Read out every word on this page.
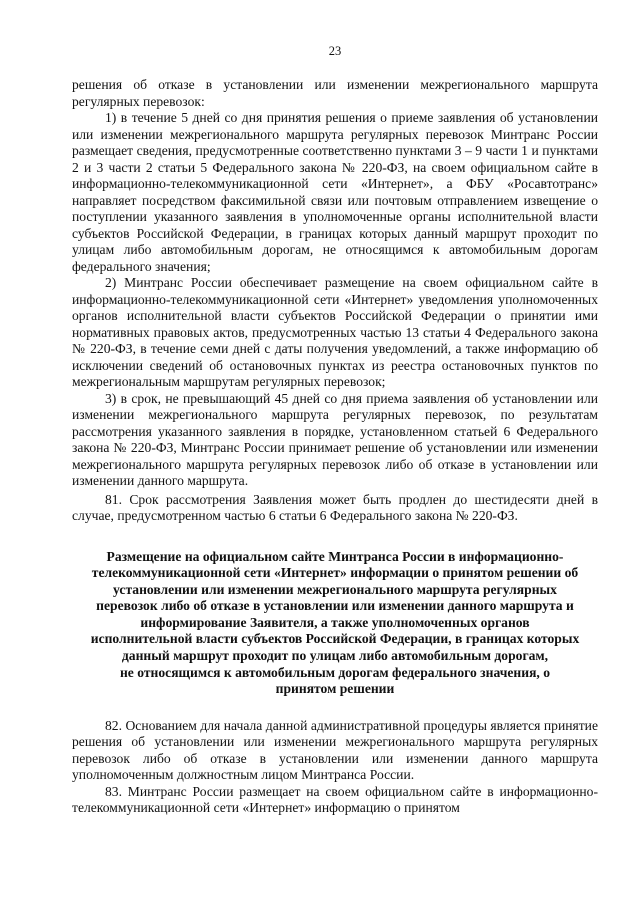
23

решения об отказе в установлении или изменении межрегионального маршрута регулярных перевозок:

1) в течение 5 дней со дня принятия решения о приеме заявления об установлении или изменении межрегионального маршрута регулярных перевозок Минтранс России размещает сведения, предусмотренные соответственно пунктами 3 – 9 части 1 и пунктами 2 и 3 части 2 статьи 5 Федерального закона № 220-ФЗ, на своем официальном сайте в информационно-телекоммуникационной сети «Интернет», а ФБУ «Росавтотранс» направляет посредством факсимильной связи или почтовым отправлением извещение о поступлении указанного заявления в уполномоченные органы исполнительной власти субъектов Российской Федерации, в границах которых данный маршрут проходит по улицам либо автомобильным дорогам, не относящимся к автомобильным дорогам федерального значения;

2) Минтранс России обеспечивает размещение на своем официальном сайте в информационно-телекоммуникационной сети «Интернет» уведомления уполномоченных органов исполнительной власти субъектов Российской Федерации о принятии ими нормативных правовых актов, предусмотренных частью 13 статьи 4 Федерального закона № 220-ФЗ, в течение семи дней с даты получения уведомлений, а также информацию об исключении сведений об остановочных пунктах из реестра остановочных пунктов по межрегиональным маршрутам регулярных перевозок;

3) в срок, не превышающий 45 дней со дня приема заявления об установлении или изменении межрегионального маршрута регулярных перевозок, по результатам рассмотрения указанного заявления в порядке, установленном статьей 6 Федерального закона № 220-ФЗ, Минтранс России принимает решение об установлении или изменении межрегионального маршрута регулярных перевозок либо об отказе в установлении или изменении данного маршрута.

81. Срок рассмотрения Заявления может быть продлен до шестидесяти дней в случае, предусмотренном частью 6 статьи 6 Федерального закона № 220-ФЗ.

Размещение на официальном сайте Минтранса России в информационно-
телекоммуникационной сети «Интернет» информации о принятом решении об
установлении или изменении межрегионального маршрута регулярных
перевозок либо об отказе в установлении или изменении данного маршрута и
информирование Заявителя, а также уполномоченных органов
исполнительной власти субъектов Российской Федерации, в границах которых
данный маршрут проходит по улицам либо автомобильным дорогам,
не относящимся к автомобильным дорогам федерального значения, о
принятом решении

82. Основанием для начала данной административной процедуры является принятие решения об установлении или изменении межрегионального маршрута регулярных перевозок либо об отказе в установлении или изменении данного маршрута уполномоченным должностным лицом Минтранса России.

83. Минтранс России размещает на своем официальном сайте в информационно-телекоммуникационной сети «Интернет» информацию о принятом
